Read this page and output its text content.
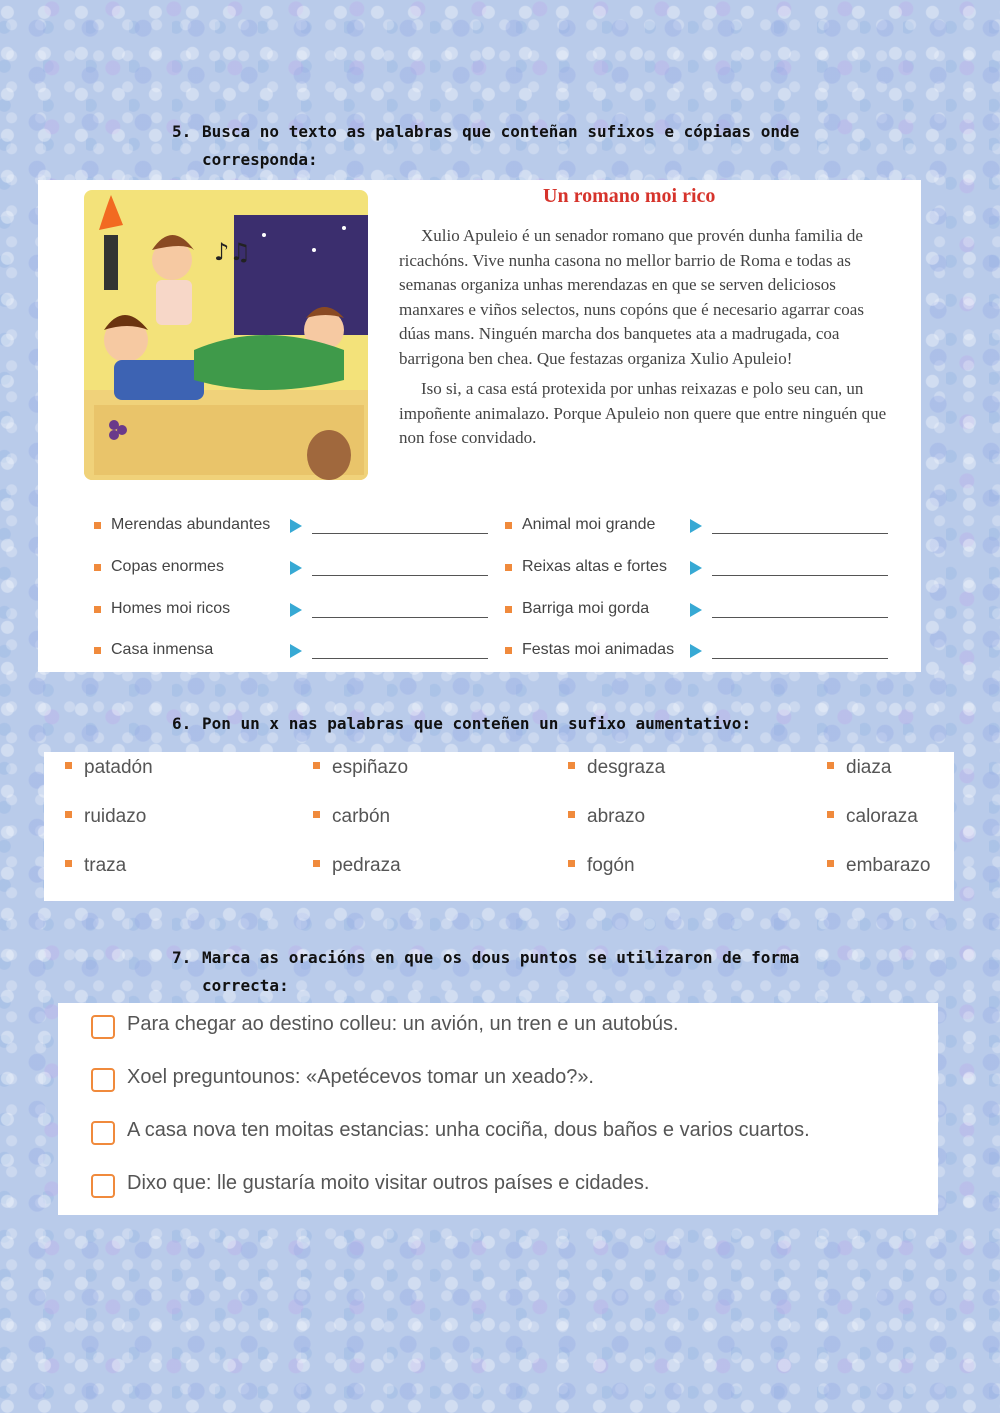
5. Busca no texto as palabras que conteñan sufixos e cópiaas onde
corresponda:
♪♫
Un romano moi rico

Xulio Apuleio é un senador romano que provén dunha familia de ricachóns. Vive nunha casona no mellor barrio de Roma e todas as semanas organiza unhas merendazas en que se serven deliciosos manxares e viños selectos, nuns copóns que é necesario agarrar coas dúas mans. Ninguén marcha dos banquetes ata a madrugada, coa barrigona ben chea. Que festazas organiza Xulio Apuleio!

Iso si, a casa está protexida por unhas reixazas e polo seu can, un impoñente animalazo. Porque Apuleio non quere que entre ninguén que non fose convidado.

Merendas abundantes	Animal moi grande
Copas enormes	Reixas altas e fortes
Homes moi ricos	Barriga moi gorda
Casa inmensa	Festas moi animadas
6. Pon un x nas palabras que conteñen un sufixo aumentativo:
patadón	espiñazo	desgraza	diaza
ruidazo	carbón	abrazo	caloraza
traza	pedraza	fogón	embarazo
7. Marca as oracións en que os dous puntos se utilizaron de forma
correcta:
Para chegar ao destino colleu: un avión, un tren e un autobús.
Xoel preguntounos: «Apetécevos tomar un xeado?».
A casa nova ten moitas estancias: unha cociña, dous baños e varios cuartos.
Dixo que: lle gustaría moito visitar outros países e cidades.
